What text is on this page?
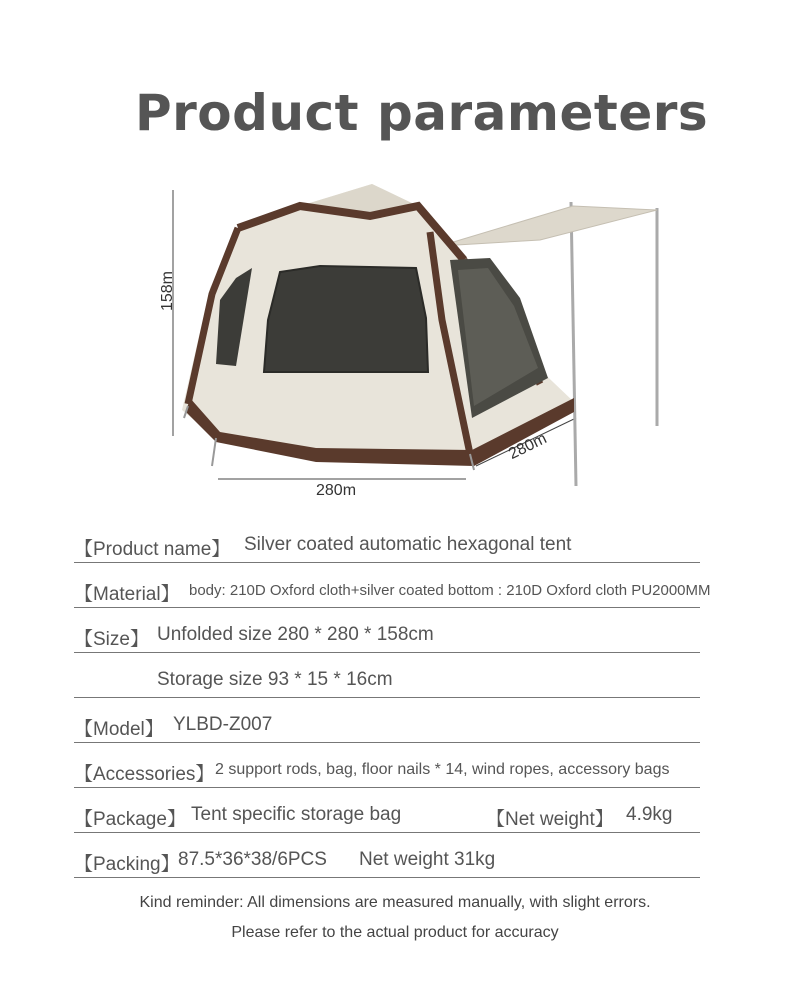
Product parameters
158m
280m
280m
【Product name】 Silver coated automatic hexagonal tent
【Material】 body: 210D Oxford cloth+silver coated bottom : 210D Oxford cloth PU2000MM
【Size】 Unfolded size 280 * 280 * 158cm
Storage size 93 * 15 * 16cm
【Model】 YLBD-Z007
【Accessories】 2 support rods, bag, floor nails * 14, wind ropes, accessory bags
【Package】 Tent specific storage bag	【Net weight】 4.9kg
【Packing】
87.5*36*38/6PCS Net weight 31kg
Kind reminder: All dimensions are measured manually, with slight errors.
Please refer to the actual product for accuracy
